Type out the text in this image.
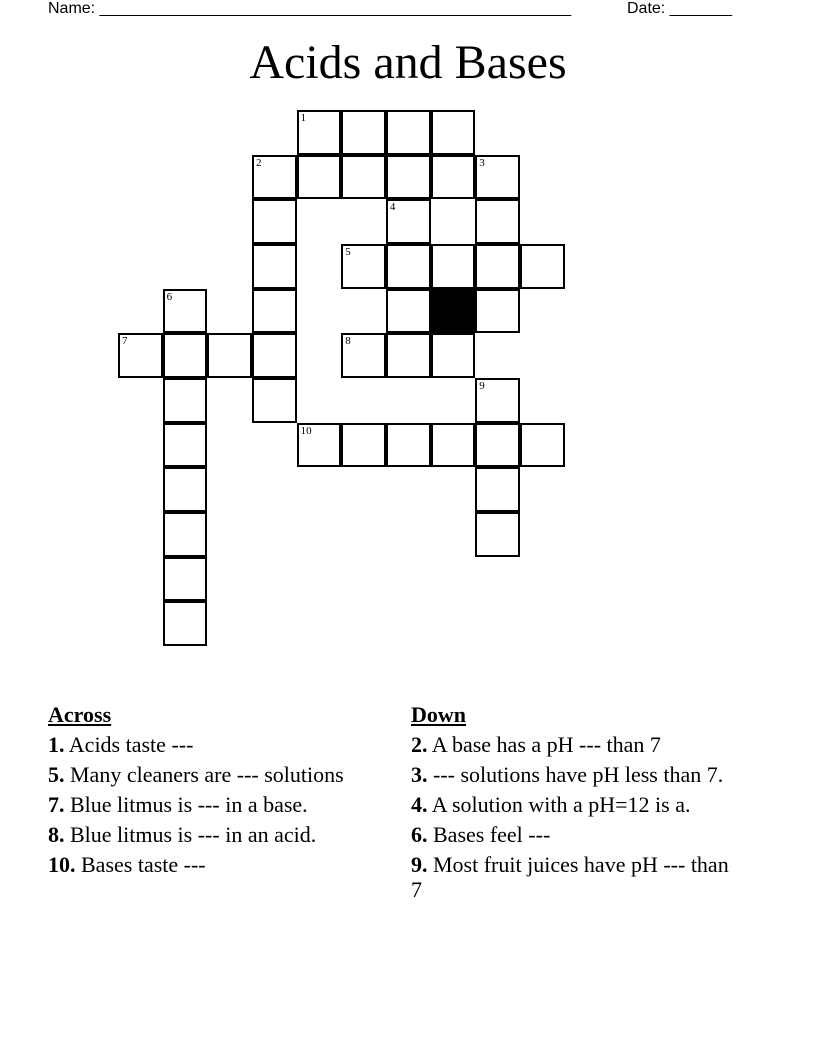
Name: _____________________________________________________	Date: _______
Acids and Bases
1
2	3
4
5
6
7	8
9
10
Across
1. Acids taste ---
5. Many cleaners are --- solutions
7. Blue litmus is --- in a base.
8. Blue litmus is --- in an acid.
10. Bases taste ---
Down
2. A base has a pH --- than 7
3. --- solutions have pH less than 7.
4. A solution with a pH=12 is a.
6. Bases feel ---
9. Most fruit juices have pH --- than 7
